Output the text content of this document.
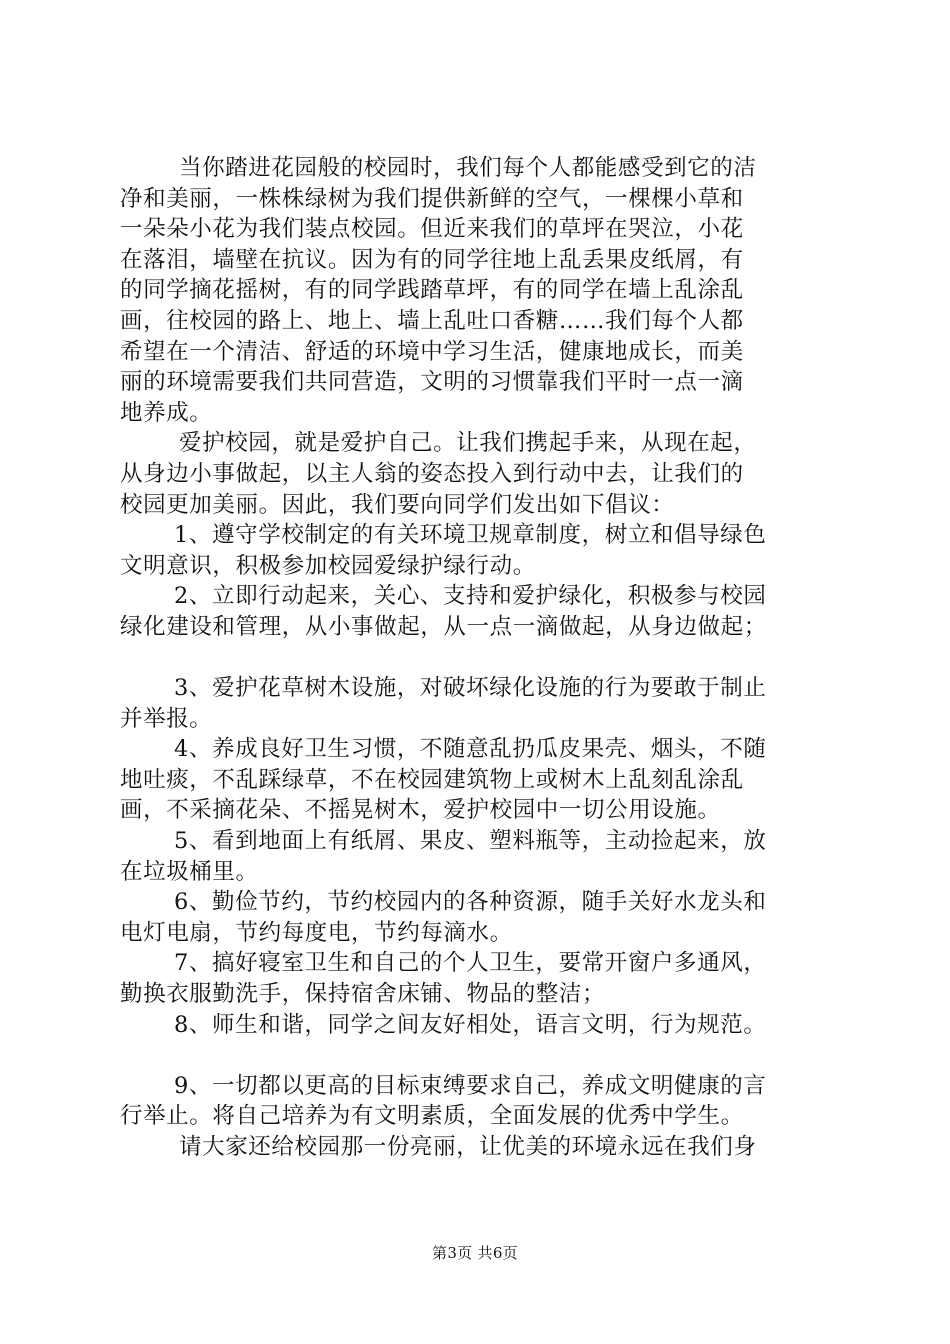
当你踏进花园般的校园时，我们每个人都能感受到它的洁
净和美丽，一株株绿树为我们提供新鲜的空气，一棵棵小草和
一朵朵小花为我们装点校园。但近来我们的草坪在哭泣，小花
在落泪，墙壁在抗议。因为有的同学往地上乱丢果皮纸屑，有
的同学摘花摇树，有的同学践踏草坪，有的同学在墙上乱涂乱
画，往校园的路上、地上、墙上乱吐口香糖……我们每个人都
希望在一个清洁、舒适的环境中学习生活，健康地成长，而美
丽的环境需要我们共同营造，文明的习惯靠我们平时一点一滴
地养成。
爱护校园，就是爱护自己。让我们携起手来，从现在起，
从身边小事做起，以主人翁的姿态投入到行动中去，让我们的
校园更加美丽。因此，我们要向同学们发出如下倡议：
1、遵守学校制定的有关环境卫规章制度，树立和倡导绿色
文明意识，积极参加校园爱绿护绿行动。
2、立即行动起来，关心、支持和爱护绿化，积极参与校园
绿化建设和管理，从小事做起，从一点一滴做起，从身边做起；
3、爱护花草树木设施，对破坏绿化设施的行为要敢于制止
并举报。
4、养成良好卫生习惯，不随意乱扔瓜皮果壳、烟头，不随
地吐痰，不乱踩绿草，不在校园建筑物上或树木上乱刻乱涂乱
画，不采摘花朵、不摇晃树木，爱护校园中一切公用设施。
5、看到地面上有纸屑、果皮、塑料瓶等，主动捡起来，放
在垃圾桶里。
6、勤俭节约，节约校园内的各种资源，随手关好水龙头和
电灯电扇，节约每度电，节约每滴水。
7、搞好寝室卫生和自己的个人卫生，要常开窗户多通风，
勤换衣服勤洗手，保持宿舍床铺、物品的整洁；
8、师生和谐，同学之间友好相处，语言文明，行为规范。
9、一切都以更高的目标束缚要求自己，养成文明健康的言
行举止。将自己培养为有文明素质，全面发展的优秀中学生。
请大家还给校园那一份亮丽，让优美的环境永远在我们身
第3页 共6页
